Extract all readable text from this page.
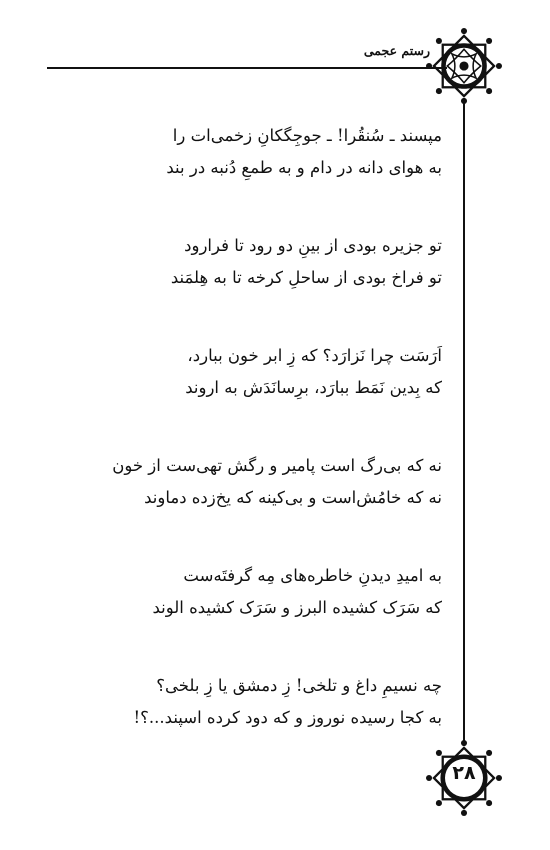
رستم عجمی
مپسند ـ سُنقُرا! ـ جوجِگکانِ زخمی‌ات را
به هوای دانه در دام و به طمعِ دُنبه در بند
تو جزیره بودی از بینِ دو رود تا فرارود
تو فراخ بودی از ساحلِ کرخه تا به هِلمَند
اَرَسَت چرا نَزارَد؟ که زِ ابر خون ببارد،
که بِدین نَمَط ببارَد، برِسانَدَش به اروند
نه که بی‌رگ است پامیر و رگش تهی‌ست از خون
نه که خامُش‌است و بی‌کینه که یخ‌زده دماوند
به امیدِ دیدنِ خاطره‌های مِه گرفتَه‌ست
که سَرَک کشیده البرز و سَرَک کشیده الوند
چه نسیمِ داغ و تلخی! زِ دمشق یا زِ بلخی؟
به کجا رسیده نوروز و که دود کرده اسپند...؟!
۲۸
